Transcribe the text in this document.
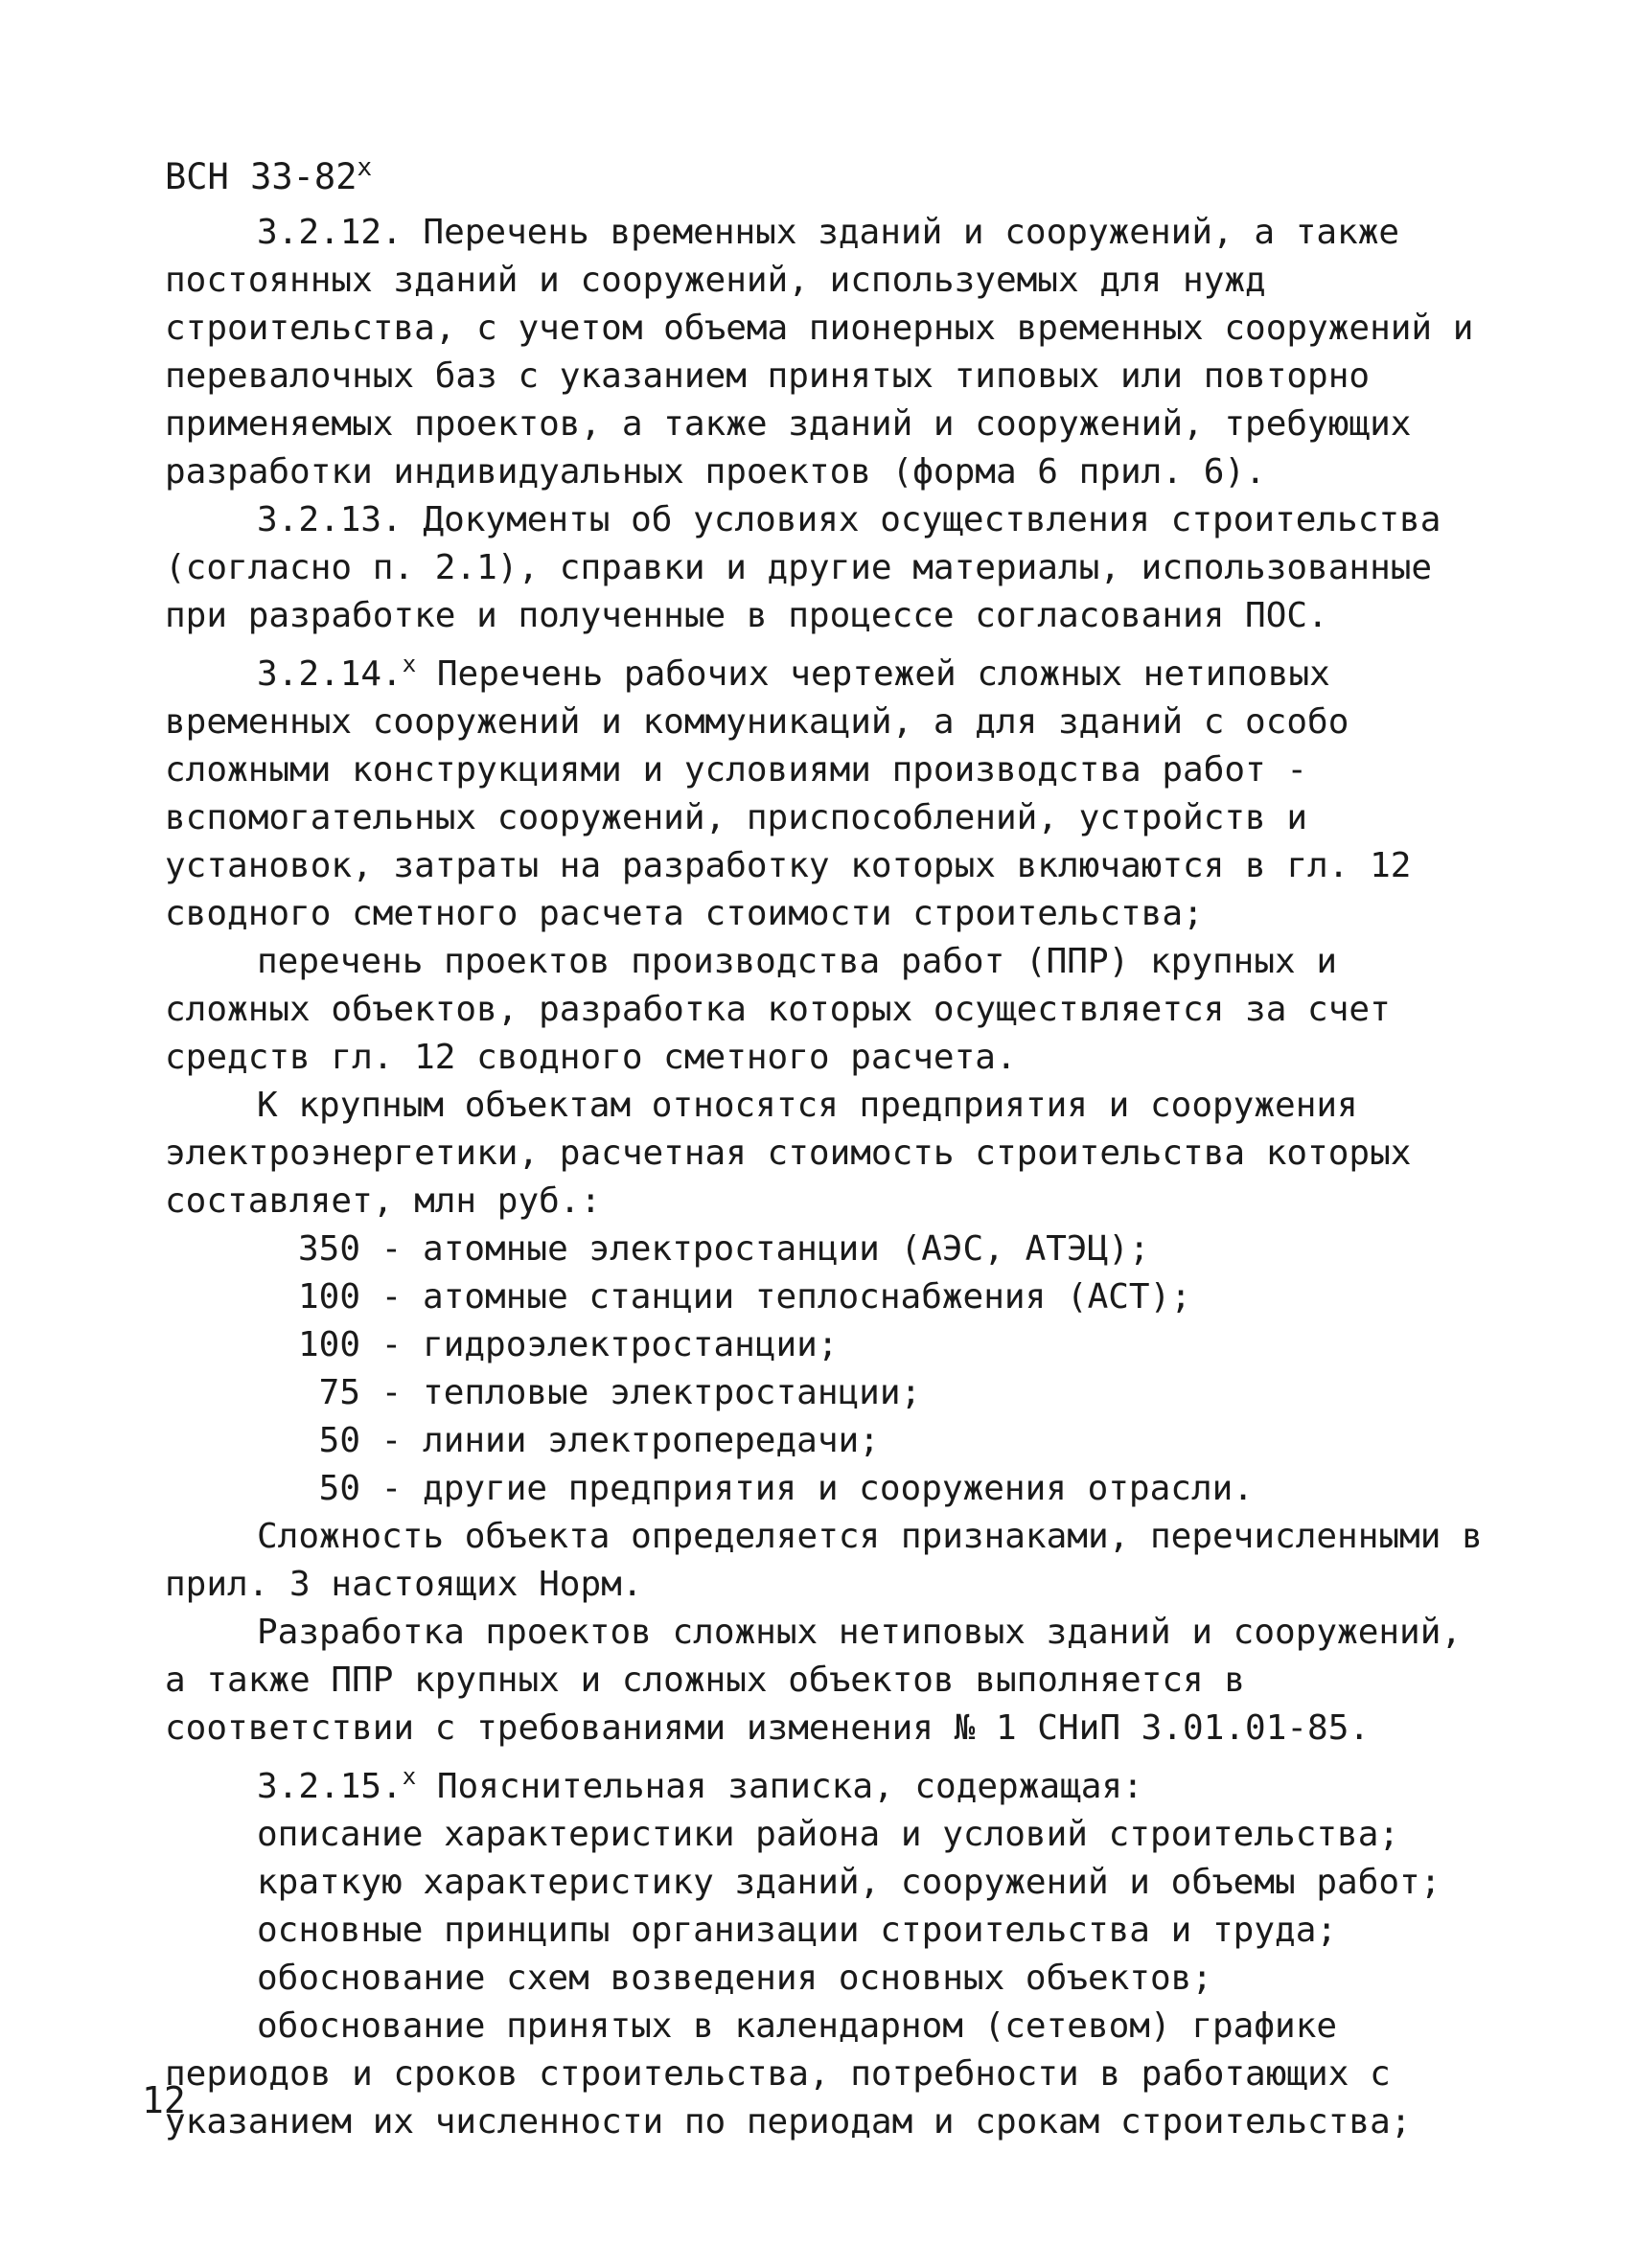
ВСН 33-82$^x$

3.2.12. Перечень временных зданий и сооружений, а также постоянных зданий и сооружений, используемых для нужд строительства, с учетом объема пионерных временных сооружений и перевалочных баз с указанием принятых типовых или повторно применяемых проектов, а также зданий и сооружений, требующих разработки индивидуальных проектов (форма 6 прил. 6).

3.2.13. Документы об условиях осуществления строительства (согласно п. 2.1), справки и другие материалы, использованные при разработке и полученные в процессе согласования ПОС.

3.2.14.$^x$ Перечень рабочих чертежей сложных нетиповых временных сооружений и коммуникаций, а для зданий с особо сложными конструкциями и условиями производства работ - вспомогательных сооружений, приспособлений, устройств и установок, затраты на разработку которых включаются в гл. 12 сводного сметного расчета стоимости строительства;

перечень проектов производства работ (ППР) крупных и сложных объектов, разработка которых осуществляется за счет средств гл. 12 сводного сметного расчета.

К крупным объектам относятся предприятия и сооружения электроэнергетики, расчетная стоимость строительства которых составляет, млн руб.:

350 - атомные электростанции (АЭС, АТЭЦ);

100 - атомные станции теплоснабжения (АСТ);

100 - гидроэлектростанции;

75 - тепловые электростанции;

50 - линии электропередачи;

50 - другие предприятия и сооружения отрасли.

Сложность объекта определяется признаками, перечисленными в прил. 3 настоящих Норм.

Разработка проектов сложных нетиповых зданий и сооружений, а также ППР крупных и сложных объектов выполняется в соответствии с требованиями изменения № 1 СНиП 3.01.01-85.

3.2.15.$^x$ Пояснительная записка, содержащая:

описание характеристики района и условий строительства;

краткую характеристику зданий, сооружений и объемы работ;

основные принципы организации строительства и труда;

обоснование схем возведения основных объектов;

обоснование принятых в календарном (сетевом) графике периодов и сроков строительства, потребности в работающих с указанием их численности по периодам и срокам строительства;

12
